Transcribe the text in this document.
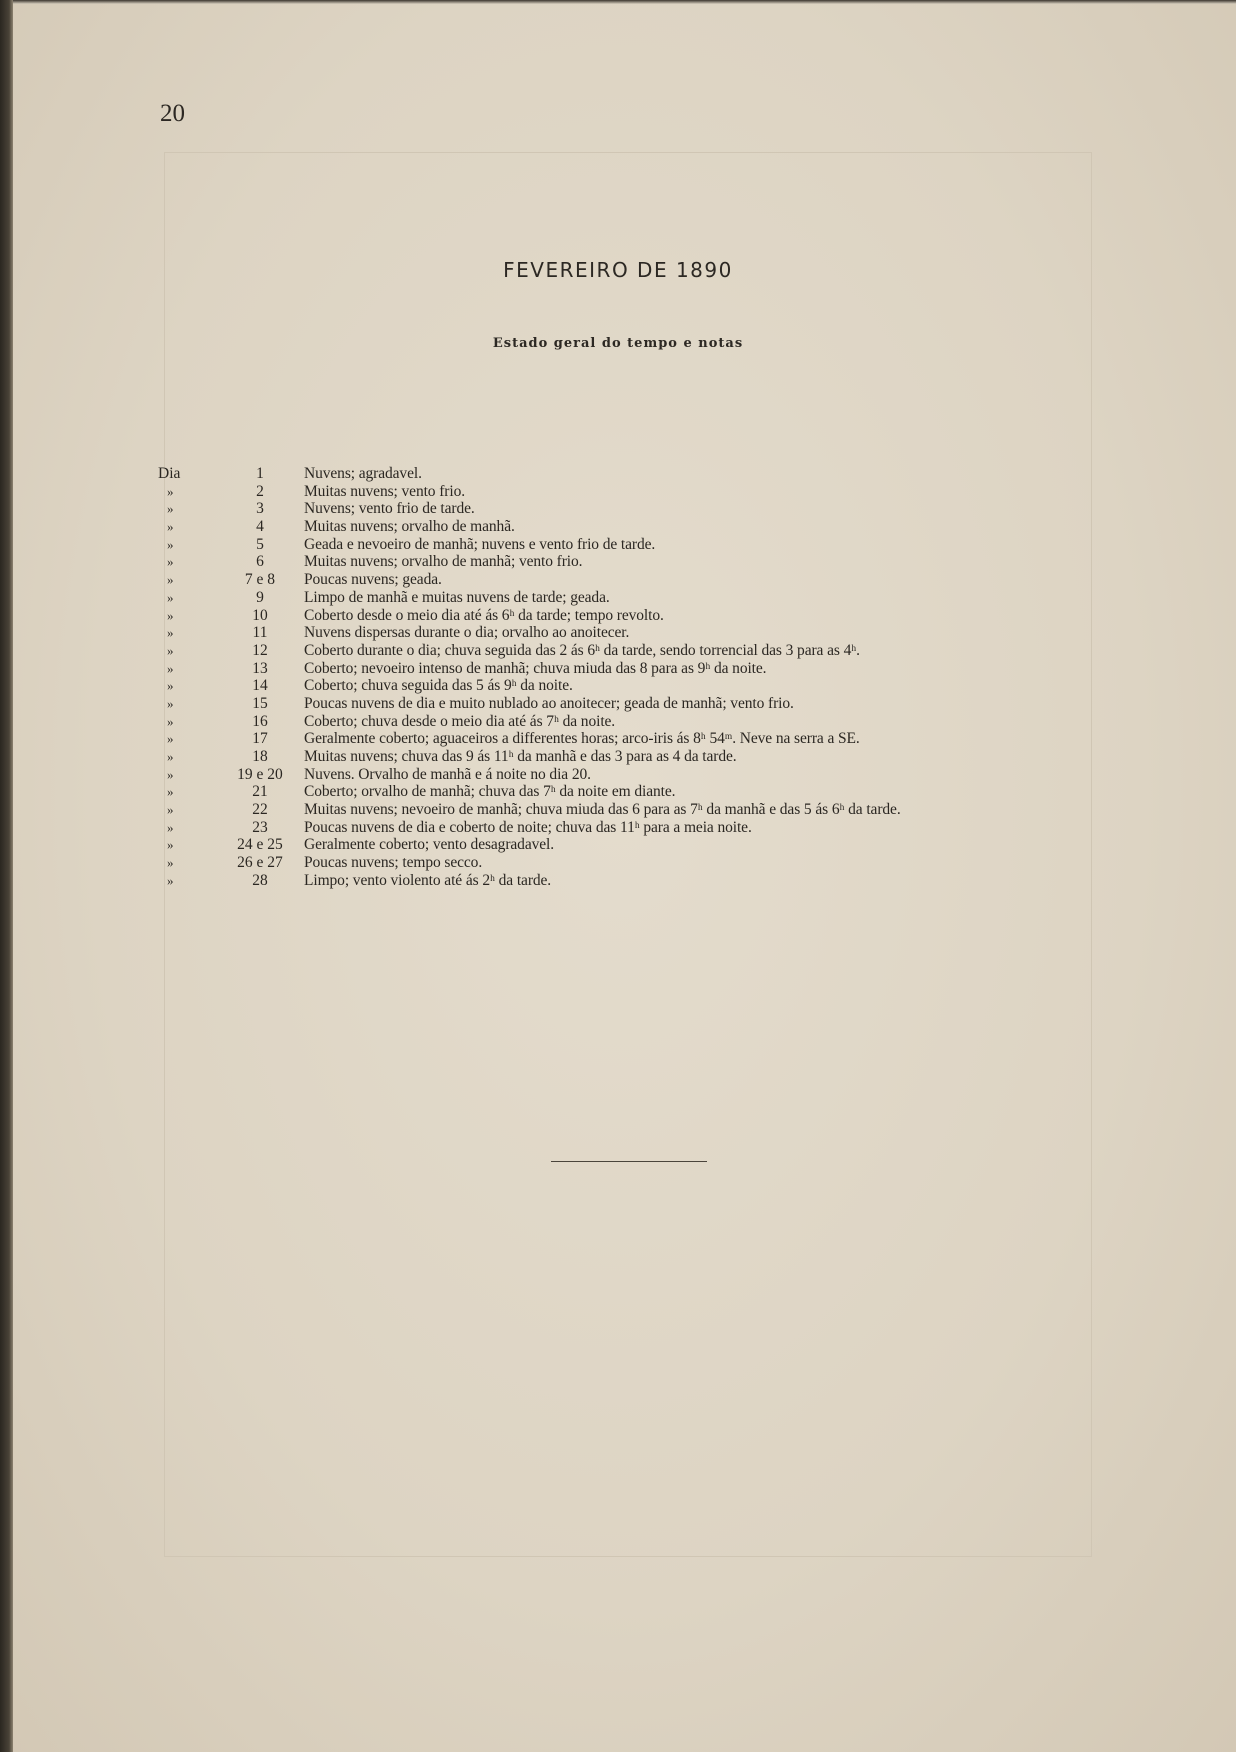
20
FEVEREIRO DE 1890
Estado geral do tempo e notas
Dia	1	Nuvens; agradavel.
»	2	Muitas nuvens; vento frio.
»	3	Nuvens; vento frio de tarde.
»	4	Muitas nuvens; orvalho de manhã.
»	5	Geada e nevoeiro de manhã; nuvens e vento frio de tarde.
»	6	Muitas nuvens; orvalho de manhã; vento frio.
»	7 e 8	Poucas nuvens; geada.
»	9	Limpo de manhã e muitas nuvens de tarde; geada.
»	10	Coberto desde o meio dia até ás 6ʰ da tarde; tempo revolto.
»	11	Nuvens dispersas durante o dia; orvalho ao anoitecer.
»	12	Coberto durante o dia; chuva seguida das 2 ás 6ʰ da tarde, sendo torrencial das 3 para as 4ʰ.
»	13	Coberto; nevoeiro intenso de manhã; chuva miuda das 8 para as 9ʰ da noite.
»	14	Coberto; chuva seguida das 5 ás 9ʰ da noite.
»	15	Poucas nuvens de dia e muito nublado ao anoitecer; geada de manhã; vento frio.
»	16	Coberto; chuva desde o meio dia até ás 7ʰ da noite.
»	17	Geralmente coberto; aguaceiros a differentes horas; arco-iris ás 8ʰ 54ᵐ. Neve na serra a SE.
»	18	Muitas nuvens; chuva das 9 ás 11ʰ da manhã e das 3 para as 4 da tarde.
»	19 e 20	Nuvens. Orvalho de manhã e á noite no dia 20.
»	21	Coberto; orvalho de manhã; chuva das 7ʰ da noite em diante.
»	22	Muitas nuvens; nevoeiro de manhã; chuva miuda das 6 para as 7ʰ da manhã e das 5 ás 6ʰ da tarde.
»	23	Poucas nuvens de dia e coberto de noite; chuva das 11ʰ para a meia noite.
»	24 e 25	Geralmente coberto; vento desagradavel.
»	26 e 27	Poucas nuvens; tempo secco.
»	28	Limpo; vento violento até ás 2ʰ da tarde.
